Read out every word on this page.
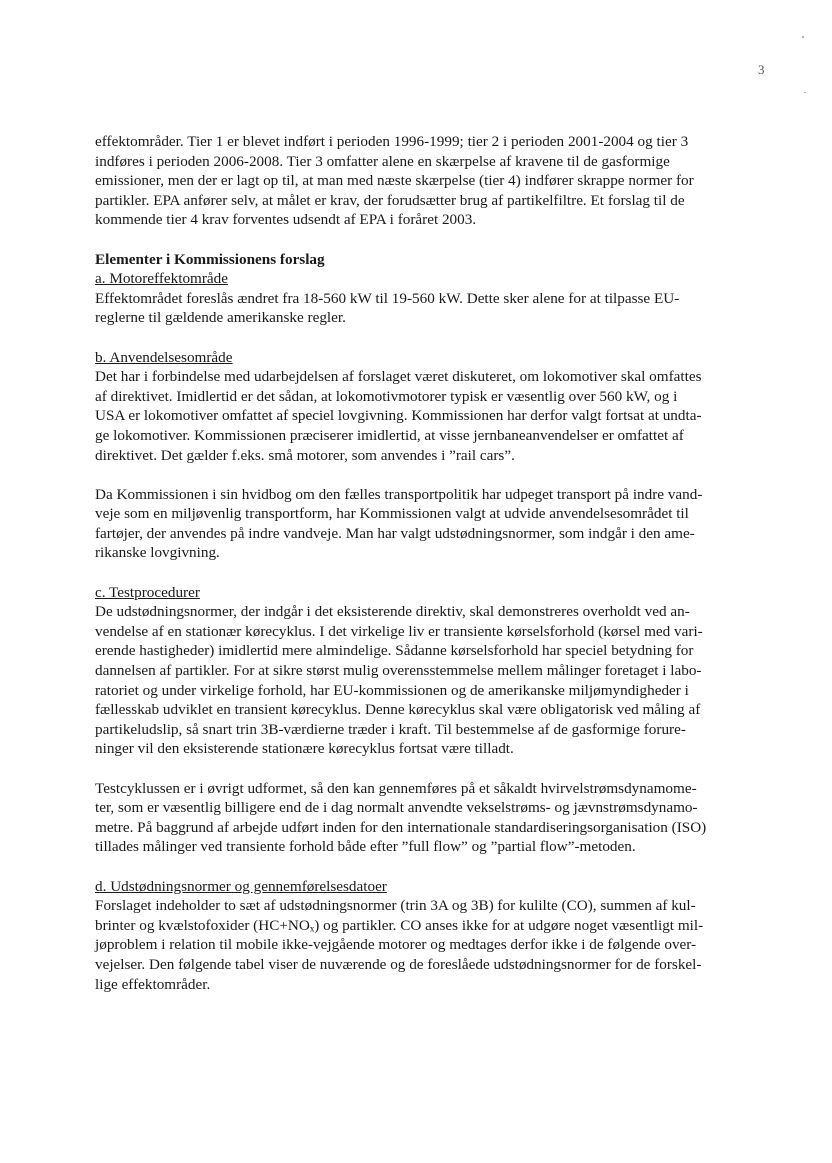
3
effektområder. Tier 1 er blevet indført i perioden 1996-1999; tier 2 i perioden 2001-2004 og tier 3
indføres i perioden 2006-2008. Tier 3 omfatter alene en skærpelse af kravene til de gasformige
emissioner, men der er lagt op til, at man med næste skærpelse (tier 4) indfører skrappe normer for
partikler. EPA anfører selv, at målet er krav, der forudsætter brug af partikelfiltre. Et forslag til de
kommende tier 4 krav forventes udsendt af EPA i foråret 2003.
Elementer i Kommissionens forslag
a. Motoreffektområde
Effektområdet foreslås ændret fra 18-560 kW til 19-560 kW. Dette sker alene for at tilpasse EU-
reglerne til gældende amerikanske regler.
b. Anvendelsesområde
Det har i forbindelse med udarbejdelsen af forslaget været diskuteret, om lokomotiver skal omfattes
af direktivet. Imidlertid er det sådan, at lokomotivmotorer typisk er væsentlig over 560 kW, og i
USA er lokomotiver omfattet af speciel lovgivning. Kommissionen har derfor valgt fortsat at undta-
ge lokomotiver. Kommissionen præciserer imidlertid, at visse jernbaneanvendelser er omfattet af
direktivet. Det gælder f.eks. små motorer, som anvendes i ”rail cars”.
Da Kommissionen i sin hvidbog om den fælles transportpolitik har udpeget transport på indre vand-
veje som en miljøvenlig transportform, har Kommissionen valgt at udvide anvendelsesområdet til
fartøjer, der anvendes på indre vandveje. Man har valgt udstødningsnormer, som indgår i den ame-
rikanske lovgivning.
c. Testprocedurer
De udstødningsnormer, der indgår i det eksisterende direktiv, skal demonstreres overholdt ved an-
vendelse af en stationær kørecyklus. I det virkelige liv er transiente kørselsforhold (kørsel med vari-
erende hastigheder) imidlertid mere almindelige. Sådanne kørselsforhold har speciel betydning for
dannelsen af partikler. For at sikre størst mulig overensstemmelse mellem målinger foretaget i labo-
ratoriet og under virkelige forhold, har EU-kommissionen og de amerikanske miljømyndigheder i
fællesskab udviklet en transient kørecyklus. Denne kørecyklus skal være obligatorisk ved måling af
partikeludslip, så snart trin 3B-værdierne træder i kraft. Til bestemmelse af de gasformige forure-
ninger vil den eksisterende stationære kørecyklus fortsat være tilladt.
Testcyklussen er i øvrigt udformet, så den kan gennemføres på et såkaldt hvirvelstrømsdynamome-
ter, som er væsentlig billigere end de i dag normalt anvendte vekselstrøms- og jævnstrømsdynamo-
metre. På baggrund af arbejde udført inden for den internationale standardiseringsorganisation (ISO)
tillades målinger ved transiente forhold både efter ”full flow” og ”partial flow”-metoden.
d. Udstødningsnormer og gennemførelsesdatoer
Forslaget indeholder to sæt af udstødningsnormer (trin 3A og 3B) for kulilte (CO), summen af kul-
brinter og kvælstofoxider (HC+NOₓ) og partikler. CO anses ikke for at udgøre noget væsentligt mil-
jøproblem i relation til mobile ikke-vejgående motorer og medtages derfor ikke i de følgende over-
vejelser. Den følgende tabel viser de nuværende og de foreslåede udstødningsnormer for de forskel-
lige effektområder.
